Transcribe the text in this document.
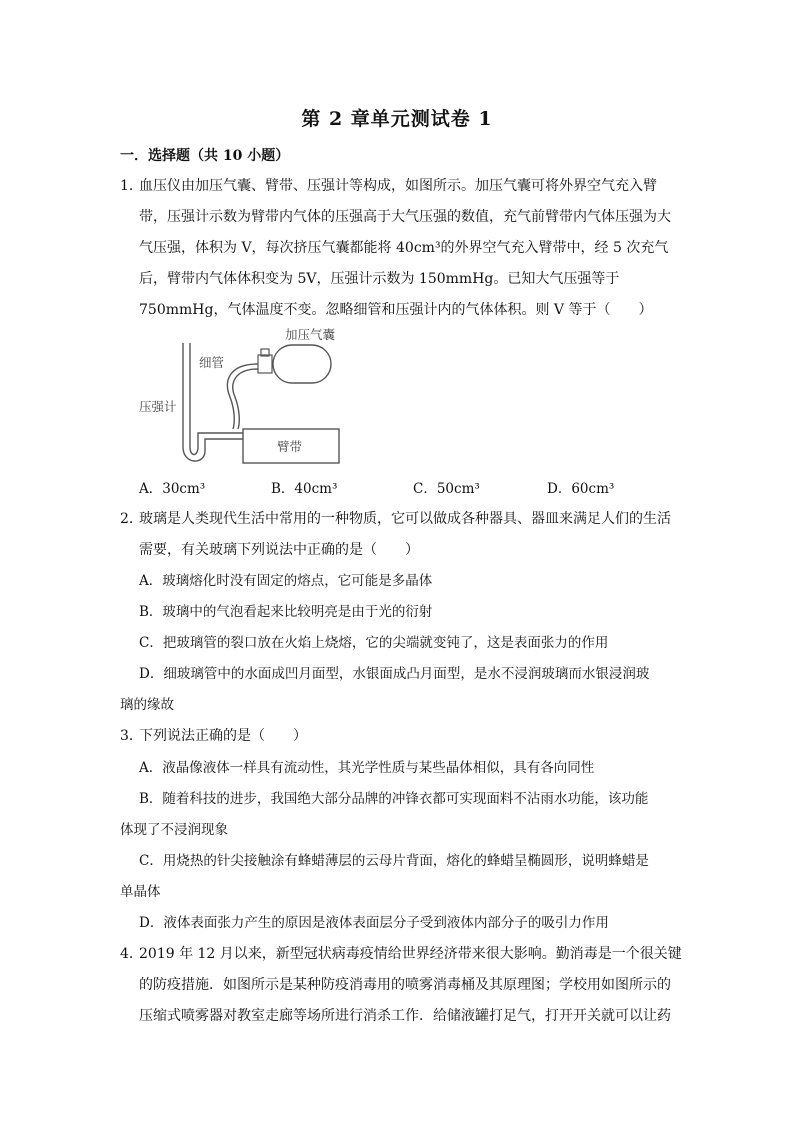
第 2 章单元测试卷 1
一．选择题（共 10 小题）
1．
血压仪由加压气囊、臂带、压强计等构成，如图所示。加压气囊可将外界空气充入臂
带，压强计示数为臂带内气体的压强高于大气压强的数值，充气前臂带内气体压强为大
气压强，体积为 V，每次挤压气囊都能将 40cm³的外界空气充入臂带中，经 5 次充气
后，臂带内气体体积变为 5V，压强计示数为 150mmHg。已知大气压强等于
750mmHg，气体温度不变。忽略细管和压强计内的气体体积。则 V 等于（　　）
加压气囊
细管
压强计
臂带
A．30cm³	B．40cm³	C．50cm³	D．60cm³
2．
玻璃是人类现代生活中常用的一种物质，它可以做成各种器具、器皿来满足人们的生活
需要，有关玻璃下列说法中正确的是（　　）
A．玻璃熔化时没有固定的熔点，它可能是多晶体
B．玻璃中的气泡看起来比较明亮是由于光的衍射
C．把玻璃管的裂口放在火焰上烧熔，它的尖端就变钝了，这是表面张力的作用
D．细玻璃管中的水面成凹月面型，水银面成凸月面型，是水不浸润玻璃而水银浸润玻
璃的缘故
3．
下列说法正确的是（　　）
A．液晶像液体一样具有流动性，其光学性质与某些晶体相似，具有各向同性
B．随着科技的进步，我国绝大部分品牌的冲锋衣都可实现面料不沾雨水功能，该功能
体现了不浸润现象
C．用烧热的针尖接触涂有蜂蜡薄层的云母片背面，熔化的蜂蜡呈椭圆形，说明蜂蜡是
单晶体
D．液体表面张力产生的原因是液体表面层分子受到液体内部分子的吸引力作用
4．
2019 年 12 月以来，新型冠状病毒疫情给世界经济带来很大影响。勤消毒是一个很关键
的防疫措施．如图所示是某种防疫消毒用的喷雾消毒桶及其原理图；学校用如图所示的
压缩式喷雾器对教室走廊等场所进行消杀工作．给储液罐打足气，打开开关就可以让药
